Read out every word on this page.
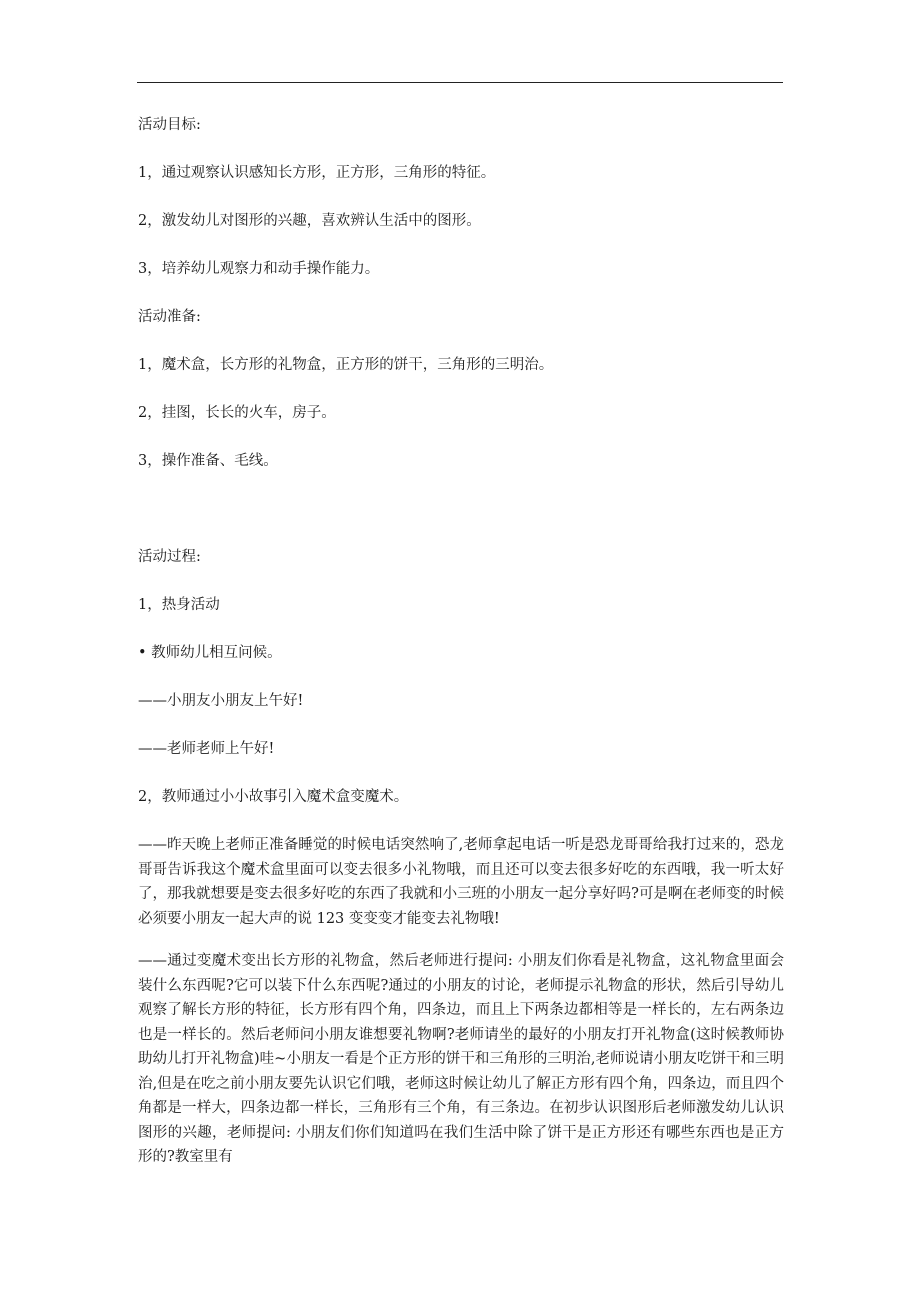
活动目标:
1，通过观察认识感知长方形，正方形，三角形的特征。
2，激发幼儿对图形的兴趣，喜欢辨认生活中的图形。
3，培养幼儿观察力和动手操作能力。
活动准备:
1，魔术盒，长方形的礼物盒，正方形的饼干，三角形的三明治。
2，挂图，长长的火车，房子。
3，操作准备、毛线。
活动过程:
1，热身活动
• 教师幼儿相互问候。
——小朋友小朋友上午好!
——老师老师上午好!
2，教师通过小小故事引入魔术盒变魔术。
——昨天晚上老师正准备睡觉的时候电话突然响了,老师拿起电话一听是恐龙哥哥给我打过来的，恐龙哥哥告诉我这个魔术盒里面可以变去很多小礼物哦，而且还可以变去很多好吃的东西哦，我一听太好了，那我就想要是变去很多好吃的东西了我就和小三班的小朋友一起分享好吗?可是啊在老师变的时候必须要小朋友一起大声的说 123 变变变才能变去礼物哦!
——通过变魔术变出长方形的礼物盒，然后老师进行提问: 小朋友们你看是礼物盒，这礼物盒里面会装什么东西呢?它可以装下什么东西呢?通过的小朋友的讨论，老师提示礼物盒的形状，然后引导幼儿观察了解长方形的特征，长方形有四个角，四条边，而且上下两条边都相等是一样长的，左右两条边也是一样长的。然后老师问小朋友谁想要礼物啊?老师请坐的最好的小朋友打开礼物盒(这时候教师协助幼儿打开礼物盒)哇~小朋友一看是个正方形的饼干和三角形的三明治,老师说请小朋友吃饼干和三明治,但是在吃之前小朋友要先认识它们哦，老师这时候让幼儿了解正方形有四个角，四条边，而且四个角都是一样大，四条边都一样长，三角形有三个角，有三条边。在初步认识图形后老师激发幼儿认识图形的兴趣，老师提问: 小朋友们你们知道吗在我们生活中除了饼干是正方形还有哪些东西也是正方形的?教室里有
